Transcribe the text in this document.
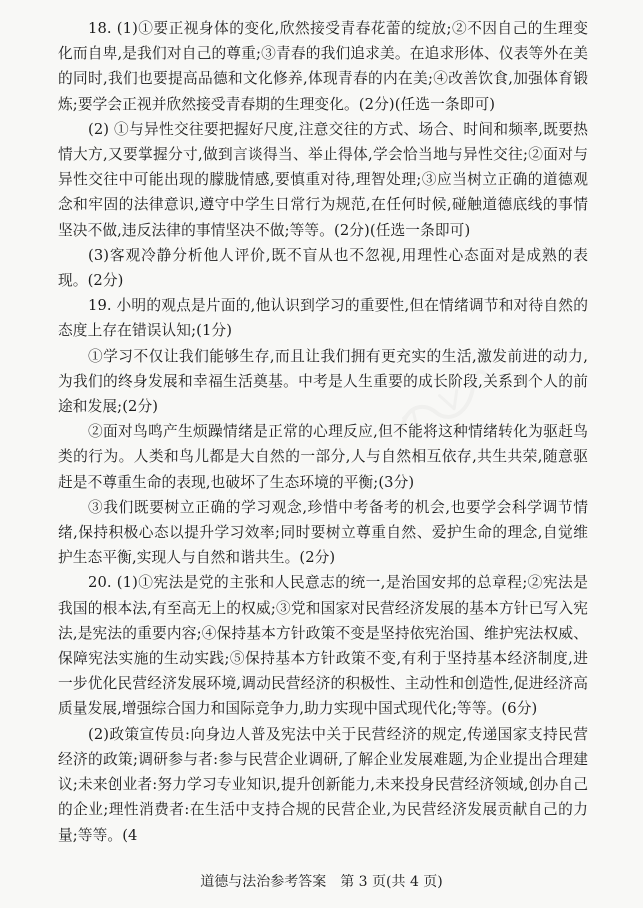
18. (1)①要正视身体的变化,欣然接受青春花蕾的绽放;②不因自己的生理变化而自卑,是我们对自己的尊重;③青春的我们追求美。在追求形体、仪表等外在美的同时,我们也要提高品德和文化修养,体现青春的内在美;④改善饮食,加强体育锻炼;要学会正视并欣然接受青春期的生理变化。(2分)(任选一条即可)

(2) ①与异性交往要把握好尺度,注意交往的方式、场合、时间和频率,既要热情大方,又要掌握分寸,做到言谈得当、举止得体,学会恰当地与异性交往;②面对与异性交往中可能出现的朦胧情感,要慎重对待,理智处理;③应当树立正确的道德观念和牢固的法律意识,遵守中学生日常行为规范,在任何时候,碰触道德底线的事情坚决不做,违反法律的事情坚决不做;等等。(2分)(任选一条即可)

(3)客观冷静分析他人评价,既不盲从也不忽视,用理性心态面对是成熟的表现。(2分)

19. 小明的观点是片面的,他认识到学习的重要性,但在情绪调节和对待自然的态度上存在错误认知;(1分)

①学习不仅让我们能够生存,而且让我们拥有更充实的生活,激发前进的动力,为我们的终身发展和幸福生活奠基。中考是人生重要的成长阶段,关系到个人的前途和发展;(2分)

②面对鸟鸣产生烦躁情绪是正常的心理反应,但不能将这种情绪转化为驱赶鸟类的行为。人类和鸟儿都是大自然的一部分,人与自然相互依存,共生共荣,随意驱赶是不尊重生命的表现,也破坏了生态环境的平衡;(3分)

③我们既要树立正确的学习观念,珍惜中考备考的机会,也要学会科学调节情绪,保持积极心态以提升学习效率;同时要树立尊重自然、爱护生命的理念,自觉维护生态平衡,实现人与自然和谐共生。(2分)

20. (1)①宪法是党的主张和人民意志的统一,是治国安邦的总章程;②宪法是我国的根本法,有至高无上的权威;③党和国家对民营经济发展的基本方针已写入宪法,是宪法的重要内容;④保持基本方针政策不变是坚持依宪治国、维护宪法权威、保障宪法实施的生动实践;⑤保持基本方针政策不变,有利于坚持基本经济制度,进一步优化民营经济发展环境,调动民营经济的积极性、主动性和创造性,促进经济高质量发展,增强综合国力和国际竞争力,助力实现中国式现代化;等等。(6分)

(2)政策宣传员:向身边人普及宪法中关于民营经济的规定,传递国家支持民营经济的政策;调研参与者:参与民营企业调研,了解企业发展难题,为企业提出合理建议;未来创业者:努力学习专业知识,提升创新能力,未来投身民营经济领域,创办自己的企业;理性消费者:在生活中支持合规的民营企业,为民营经济发展贡献自己的力量;等等。(4

道德与法治参考答案　第 3 页(共 4 页)
